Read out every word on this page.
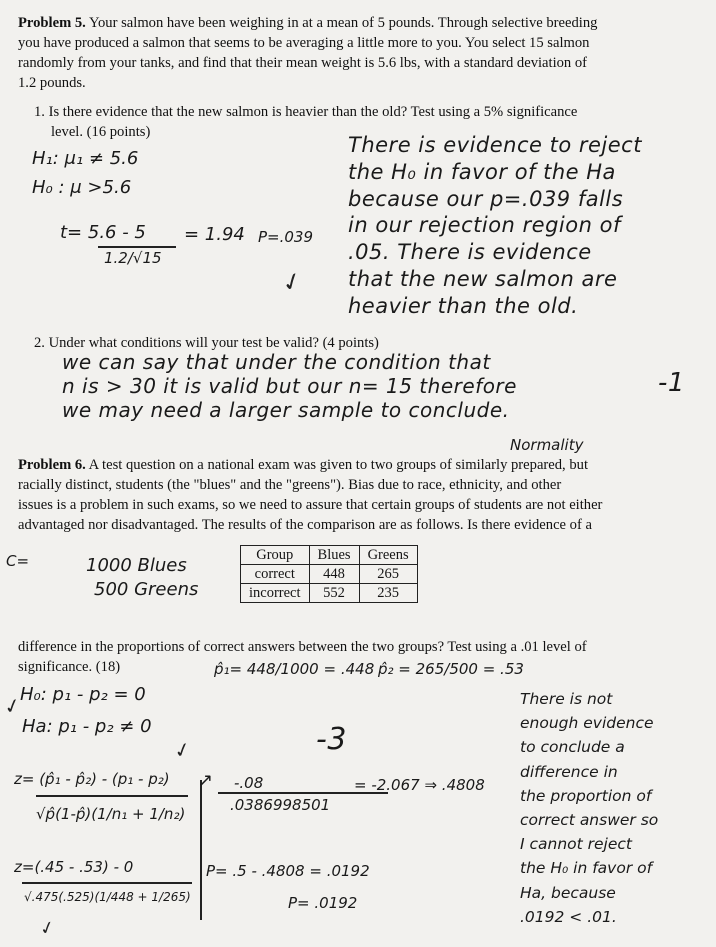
Problem 5. Your salmon have been weighing in at a mean of 5 pounds. Through selective breeding
you have produced a salmon that seems to be averaging a little more to you. You select 15 salmon
randomly from your tanks, and find that their mean weight is 5.6 lbs, with a standard deviation of
1.2 pounds.
1. Is there evidence that the new salmon is heavier than the old? Test using a 5% significance
level. (16 points)
H₁: μ₁ ≠ 5.6
H₀ : μ >5.6
t= 5.6 - 5
1.2/√15
= 1.94 P=.039
✓
There is evidence to reject
the H₀ in favor of the Ha
because our p=.039 falls
in our rejection region of
.05. There is evidence
that the new salmon are
heavier than the old.
2. Under what conditions will your test be valid? (4 points)
we can say that under the condition that
n is > 30 it is valid but our n= 15 therefore
we may need a larger sample to conclude.
-1
Normality
Problem 6. A test question on a national exam was given to two groups of similarly prepared, but
racially distinct, students (the "blues" and the "greens"). Bias due to race, ethnicity, and other
issues is a problem in such exams, so we need to assure that certain groups of students are not either
advantaged nor disadvantaged. The results of the comparison are as follows. Is there evidence of a
C=	1000 Blues
500 Greens
Group	Blues	Greens
correct	448	265
incorrect	552	235
difference in the proportions of correct answers between the two groups? Test using a .01 level of
significance. (18)	p̂₁= 448/1000 = .448 p̂₂ = 265/500 = .53
H₀: p₁ - p₂ = 0
Ha: p₁ - p₂ ≠ 0
✓
✓	-3
z= (p̂₁ - p̂₂) - (p₁ - p₂)
√p̂(1-p̂)(1/n₁ + 1/n₂)
↗ -.08
.0386998501
= -2.067 ⇒ .4808
z=(.45 - .53) - 0
√.475(.525)(1/448 + 1/265)
P= .5 - .4808 = .0192
P= .0192
✓
There is not
enough evidence
to conclude a
difference in
the proportion of
correct answer so
I cannot reject
the H₀ in favor of
Ha, because
.0192 < .01.
